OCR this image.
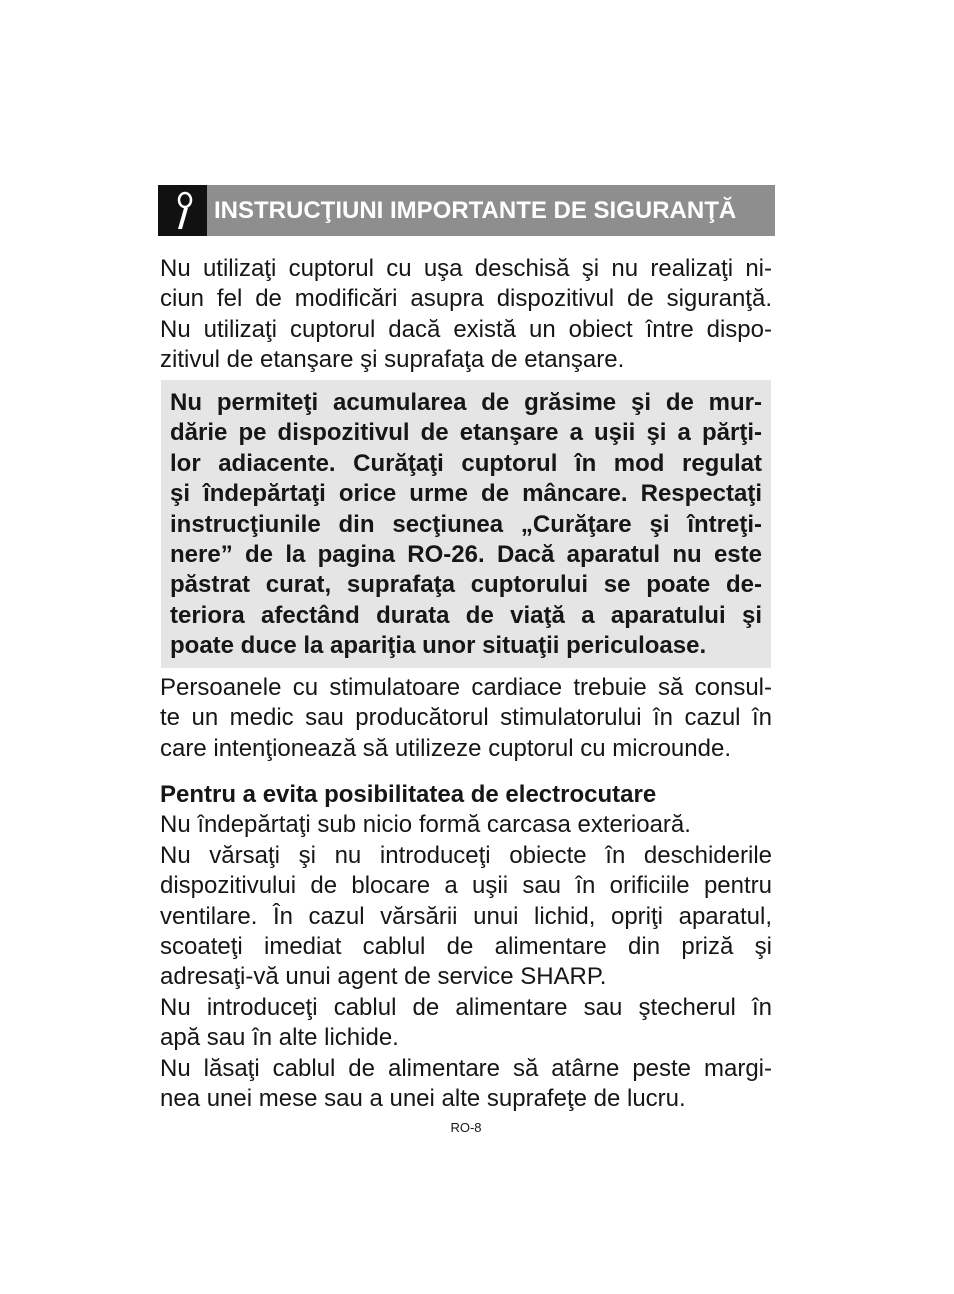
INSTRUCŢIUNI IMPORTANTE DE SIGURANŢĂ
Nu utilizaţi cuptorul cu uşa deschisă şi nu realizaţi ni-
ciun fel de modificări asupra dispozitivul de siguranţă.
Nu utilizaţi cuptorul dacă există un obiect între dispo-
zitivul de etanşare şi suprafaţa de etanşare.
Nu permiteţi acumularea de grăsime şi de mur-
dărie pe dispozitivul de etanşare a uşii şi a părţi-
lor adiacente. Curăţaţi cuptorul în mod regulat
şi îndepărtaţi orice urme de mâncare. Respectaţi
instrucţiunile din secţiunea „Curăţare şi întreţi-
nere” de la pagina RO-26. Dacă aparatul nu este
păstrat curat, suprafaţa cuptorului se poate de-
teriora afectând durata de viaţă a aparatului şi
poate duce la apariţia unor situaţii periculoase.
Persoanele cu stimulatoare cardiace trebuie să consul-
te un medic sau producătorul stimulatorului în cazul în
care intenţionează să utilizeze cuptorul cu microunde.
Pentru a evita posibilitatea de electrocutare
Nu îndepărtaţi sub nicio formă carcasa exterioară.
Nu vărsaţi şi nu introduceţi obiecte în deschiderile
dispozitivului de blocare a uşii sau în orificiile pentru
ventilare. În cazul vărsării unui lichid, opriţi aparatul,
scoateţi imediat cablul de alimentare din priză şi
adresaţi-vă unui agent de service SHARP.
Nu introduceţi cablul de alimentare sau ştecherul în
apă sau în alte lichide.
Nu lăsaţi cablul de alimentare să atârne peste margi-
nea unei mese sau a unei alte suprafeţe de lucru.
RO-8
